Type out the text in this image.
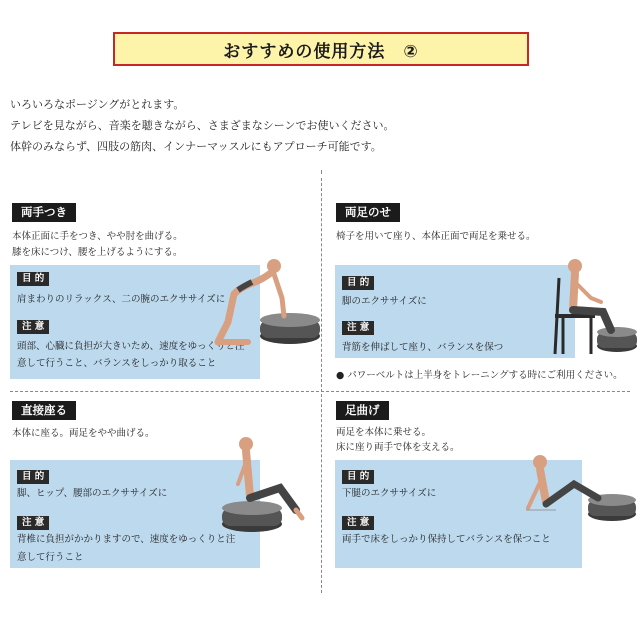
おすすめの使用方法　②
いろいろなポージングがとれます。
テレビを見ながら、音楽を聴きながら、さまざまなシーンでお使いください。
体幹のみならず、四肢の筋肉、インナーマッスルにもアプローチ可能です。
両手つき
本体正面に手をつき、やや肘を曲げる。
膝を床につけ、腰を上げるようにする。
目 的
肩まわりのリラックス、二の腕のエクササイズに
注 意
頭部、心臓に負担が大きいため、速度をゆっくりと注
意して行うこと、バランスをしっかり取ること
両足のせ
椅子を用いて座り、本体正面で両足を乗せる。
目 的
脚のエクササイズに
注 意
背筋を伸ばして座り、バランスを保つ
● パワーベルトは上半身をトレーニングする時にご利用ください。
直接座る
本体に座る。両足をやや曲げる。
目 的
脚、ヒップ、腰部のエクササイズに
注 意
背椎に負担がかかりますので、速度をゆっくりと注
意して行うこと
足曲げ
両足を本体に乗せる。
床に座り両手で体を支える。
目 的
下腿のエクササイズに
注 意
両手で床をしっかり保持してバランスを保つこと
